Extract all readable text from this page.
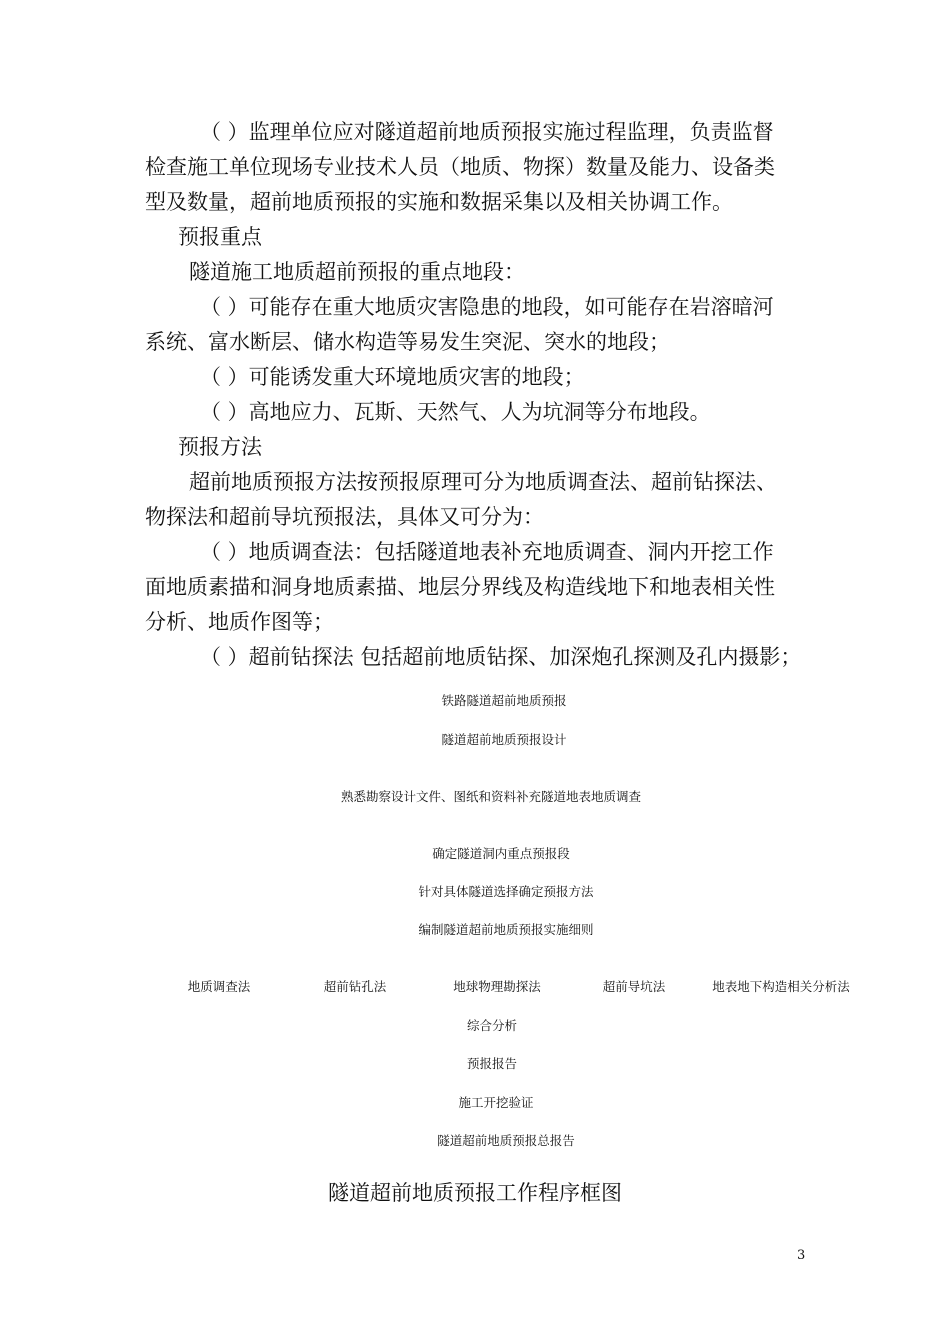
（ ）监理单位应对隧道超前地质预报实施过程监理，负责监督
检查施工单位现场专业技术人员（地质、物探）数量及能力、设备类
型及数量，超前地质预报的实施和数据采集以及相关协调工作。
预报重点
隧道施工地质超前预报的重点地段：
（ ）可能存在重大地质灾害隐患的地段，如可能存在岩溶暗河
系统、富水断层、储水构造等易发生突泥、突水的地段；
（ ）可能诱发重大环境地质灾害的地段；
（ ）高地应力、瓦斯、天然气、人为坑洞等分布地段。
预报方法
超前地质预报方法按预报原理可分为地质调查法、超前钻探法、
物探法和超前导坑预报法，具体又可分为：
（ ）地质调查法：包括隧道地表补充地质调查、洞内开挖工作
面地质素描和洞身地质素描、地层分界线及构造线地下和地表相关性
分析、地质作图等；
（ ）超前钻探法 包括超前地质钻探、加深炮孔探测及孔内摄影；
铁路隧道超前地质预报
隧道超前地质预报设计
熟悉勘察设计文件、图纸和资料补充隧道地表地质调查
确定隧道洞内重点预报段
针对具体隧道选择确定预报方法
编制隧道超前地质预报实施细则
地质调查法	超前钻孔法	地球物理勘探法	超前导坑法	地表地下构造相关分析法
综合分析
预报报告
施工开挖验证
隧道超前地质预报总报告
隧道超前地质预报工作程序框图
3
